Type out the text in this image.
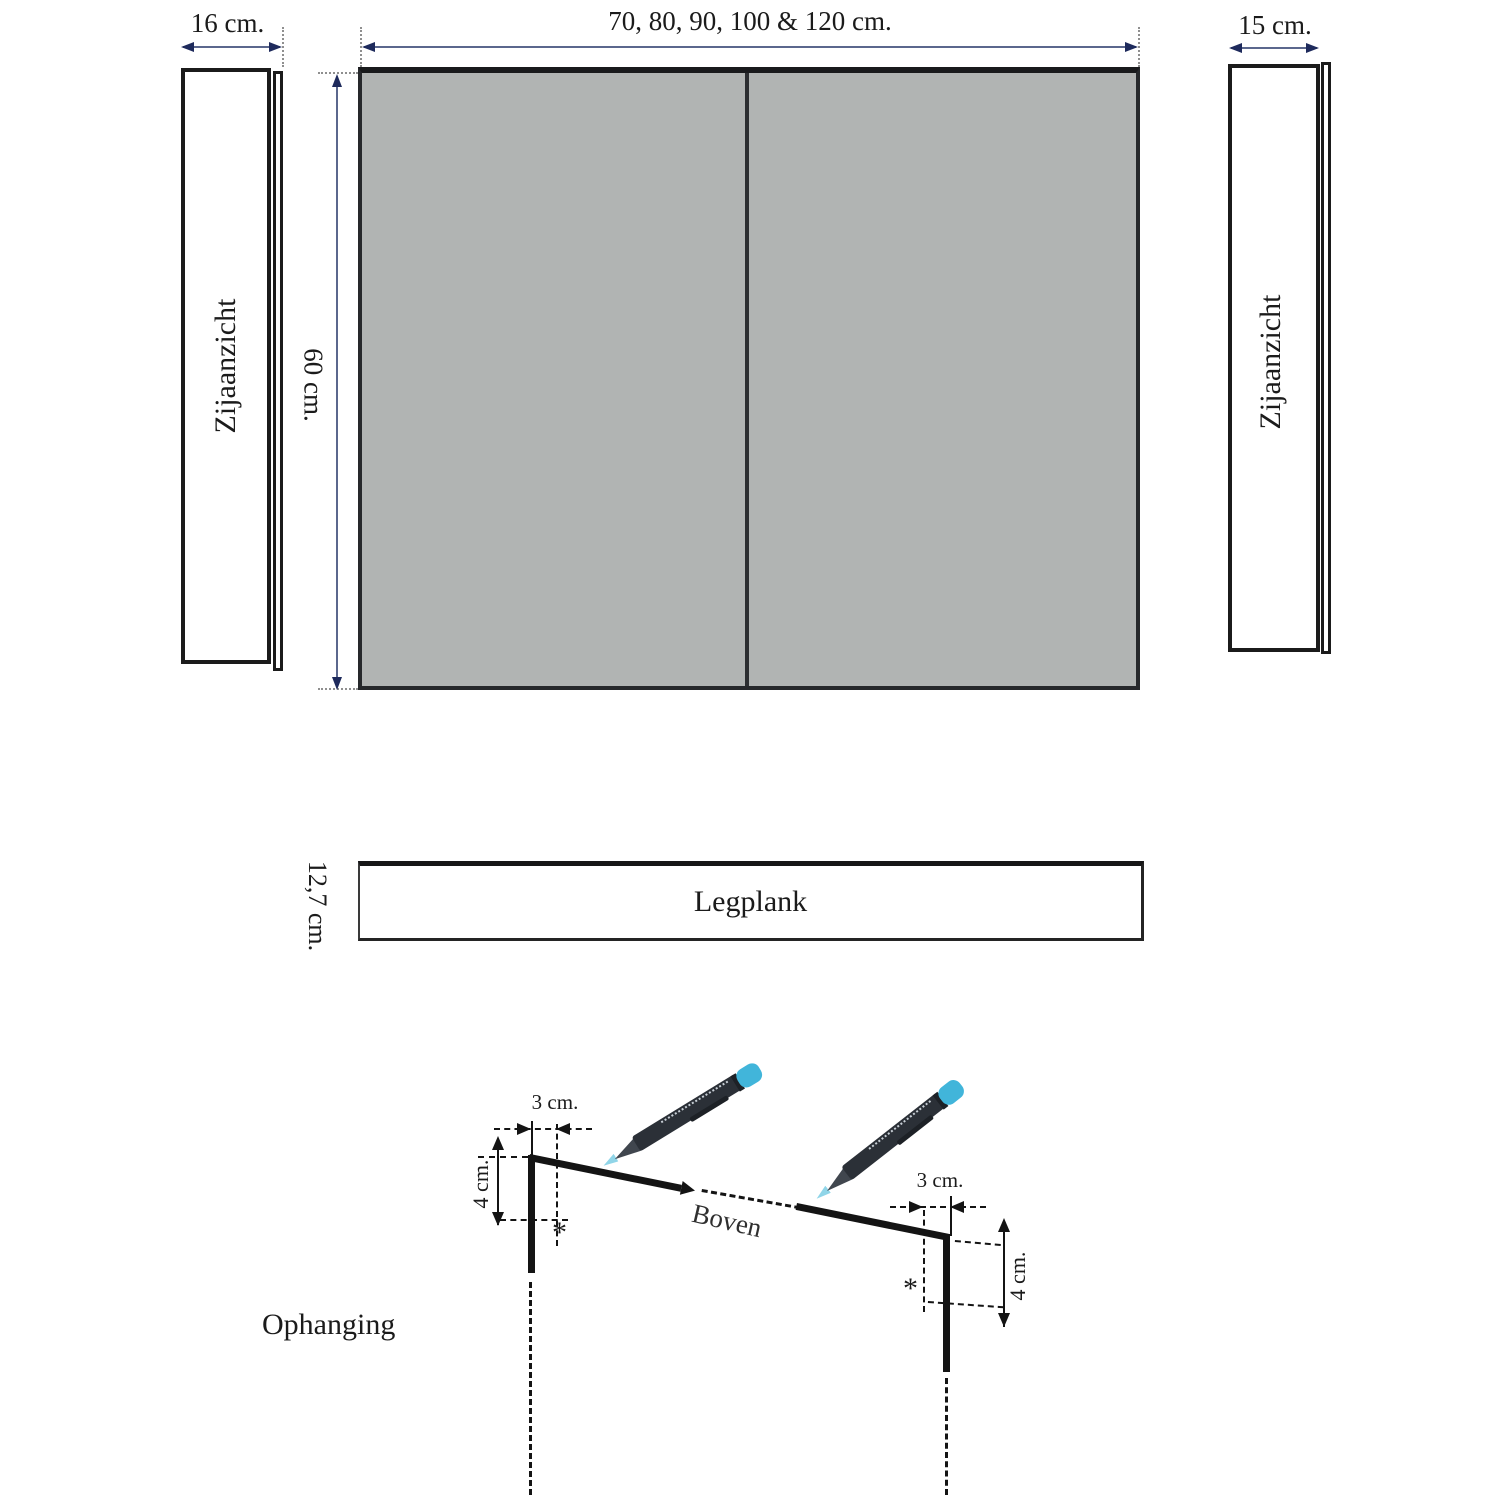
16 cm.
Zijaanzicht
70, 80, 90, 100 & 120 cm.
60 cm.
15 cm.
Zijaanzicht
12,7 cm.	Legplank
Ophanging
3 cm.
4 cm.
*	Boven
3 cm.
4 cm.
*
